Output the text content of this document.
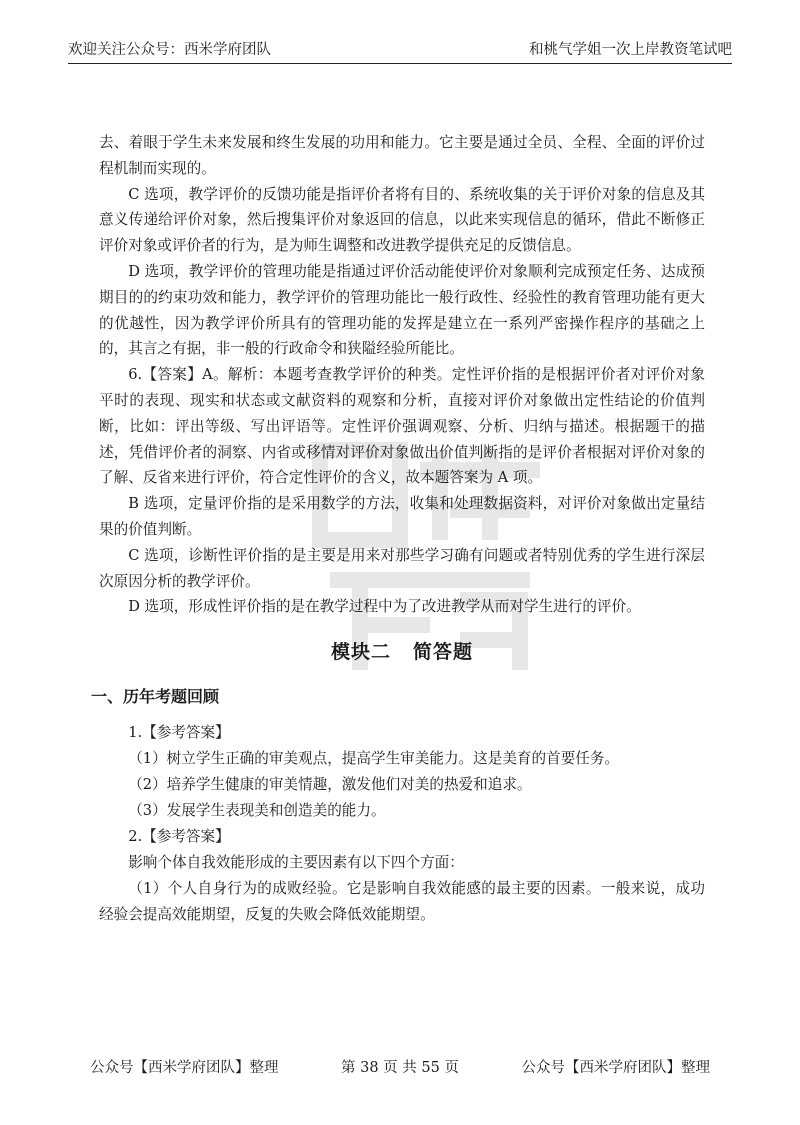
欢迎关注公众号：西米学府团队	和桃气学姐一次上岸教资笔试吧

去、着眼于学生未来发展和终生发展的功用和能力。它主要是通过全员、全程、全面的评价过程机制而实现的。

C 选项，教学评价的反馈功能是指评价者将有目的、系统收集的关于评价对象的信息及其意义传递给评价对象，然后搜集评价对象返回的信息，以此来实现信息的循环，借此不断修正评价对象或评价者的行为，是为师生调整和改进教学提供充足的反馈信息。

D 选项，教学评价的管理功能是指通过评价活动能使评价对象顺利完成预定任务、达成预期目的的约束功效和能力，教学评价的管理功能比一般行政性、经验性的教育管理功能有更大的优越性，因为教学评价所具有的管理功能的发挥是建立在一系列严密操作程序的基础之上的，其言之有据，非一般的行政命令和狭隘经验所能比。

6.【答案】A。解析：本题考查教学评价的种类。定性评价指的是根据评价者对评价对象平时的表现、现实和状态或文献资料的观察和分析，直接对评价对象做出定性结论的价值判断，比如：评出等级、写出评语等。定性评价强调观察、分析、归纳与描述。根据题干的描述，凭借评价者的洞察、内省或移情对评价对象做出价值判断指的是评价者根据对评价对象的了解、反省来进行评价，符合定性评价的含义，故本题答案为 A 项。

B 选项，定量评价指的是采用数学的方法，收集和处理数据资料，对评价对象做出定量结果的价值判断。

C 选项，诊断性评价指的是主要是用来对那些学习确有问题或者特别优秀的学生进行深层次原因分析的教学评价。

D 选项，形成性评价指的是在教学过程中为了改进教学从而对学生进行的评价。

模块二 简答题
一、历年考题回顾

1.【参考答案】

（1）树立学生正确的审美观点，提高学生审美能力。这是美育的首要任务。

（2）培养学生健康的审美情趣，激发他们对美的热爱和追求。

（3）发展学生表现美和创造美的能力。

2.【参考答案】

影响个体自我效能形成的主要因素有以下四个方面：

（1）个人自身行为的成败经验。它是影响自我效能感的最主要的因素。一般来说，成功经验会提高效能期望，反复的失败会降低效能期望。

公众号【西米学府团队】整理	第 38 页 共 55 页	公众号【西米学府团队】整理
